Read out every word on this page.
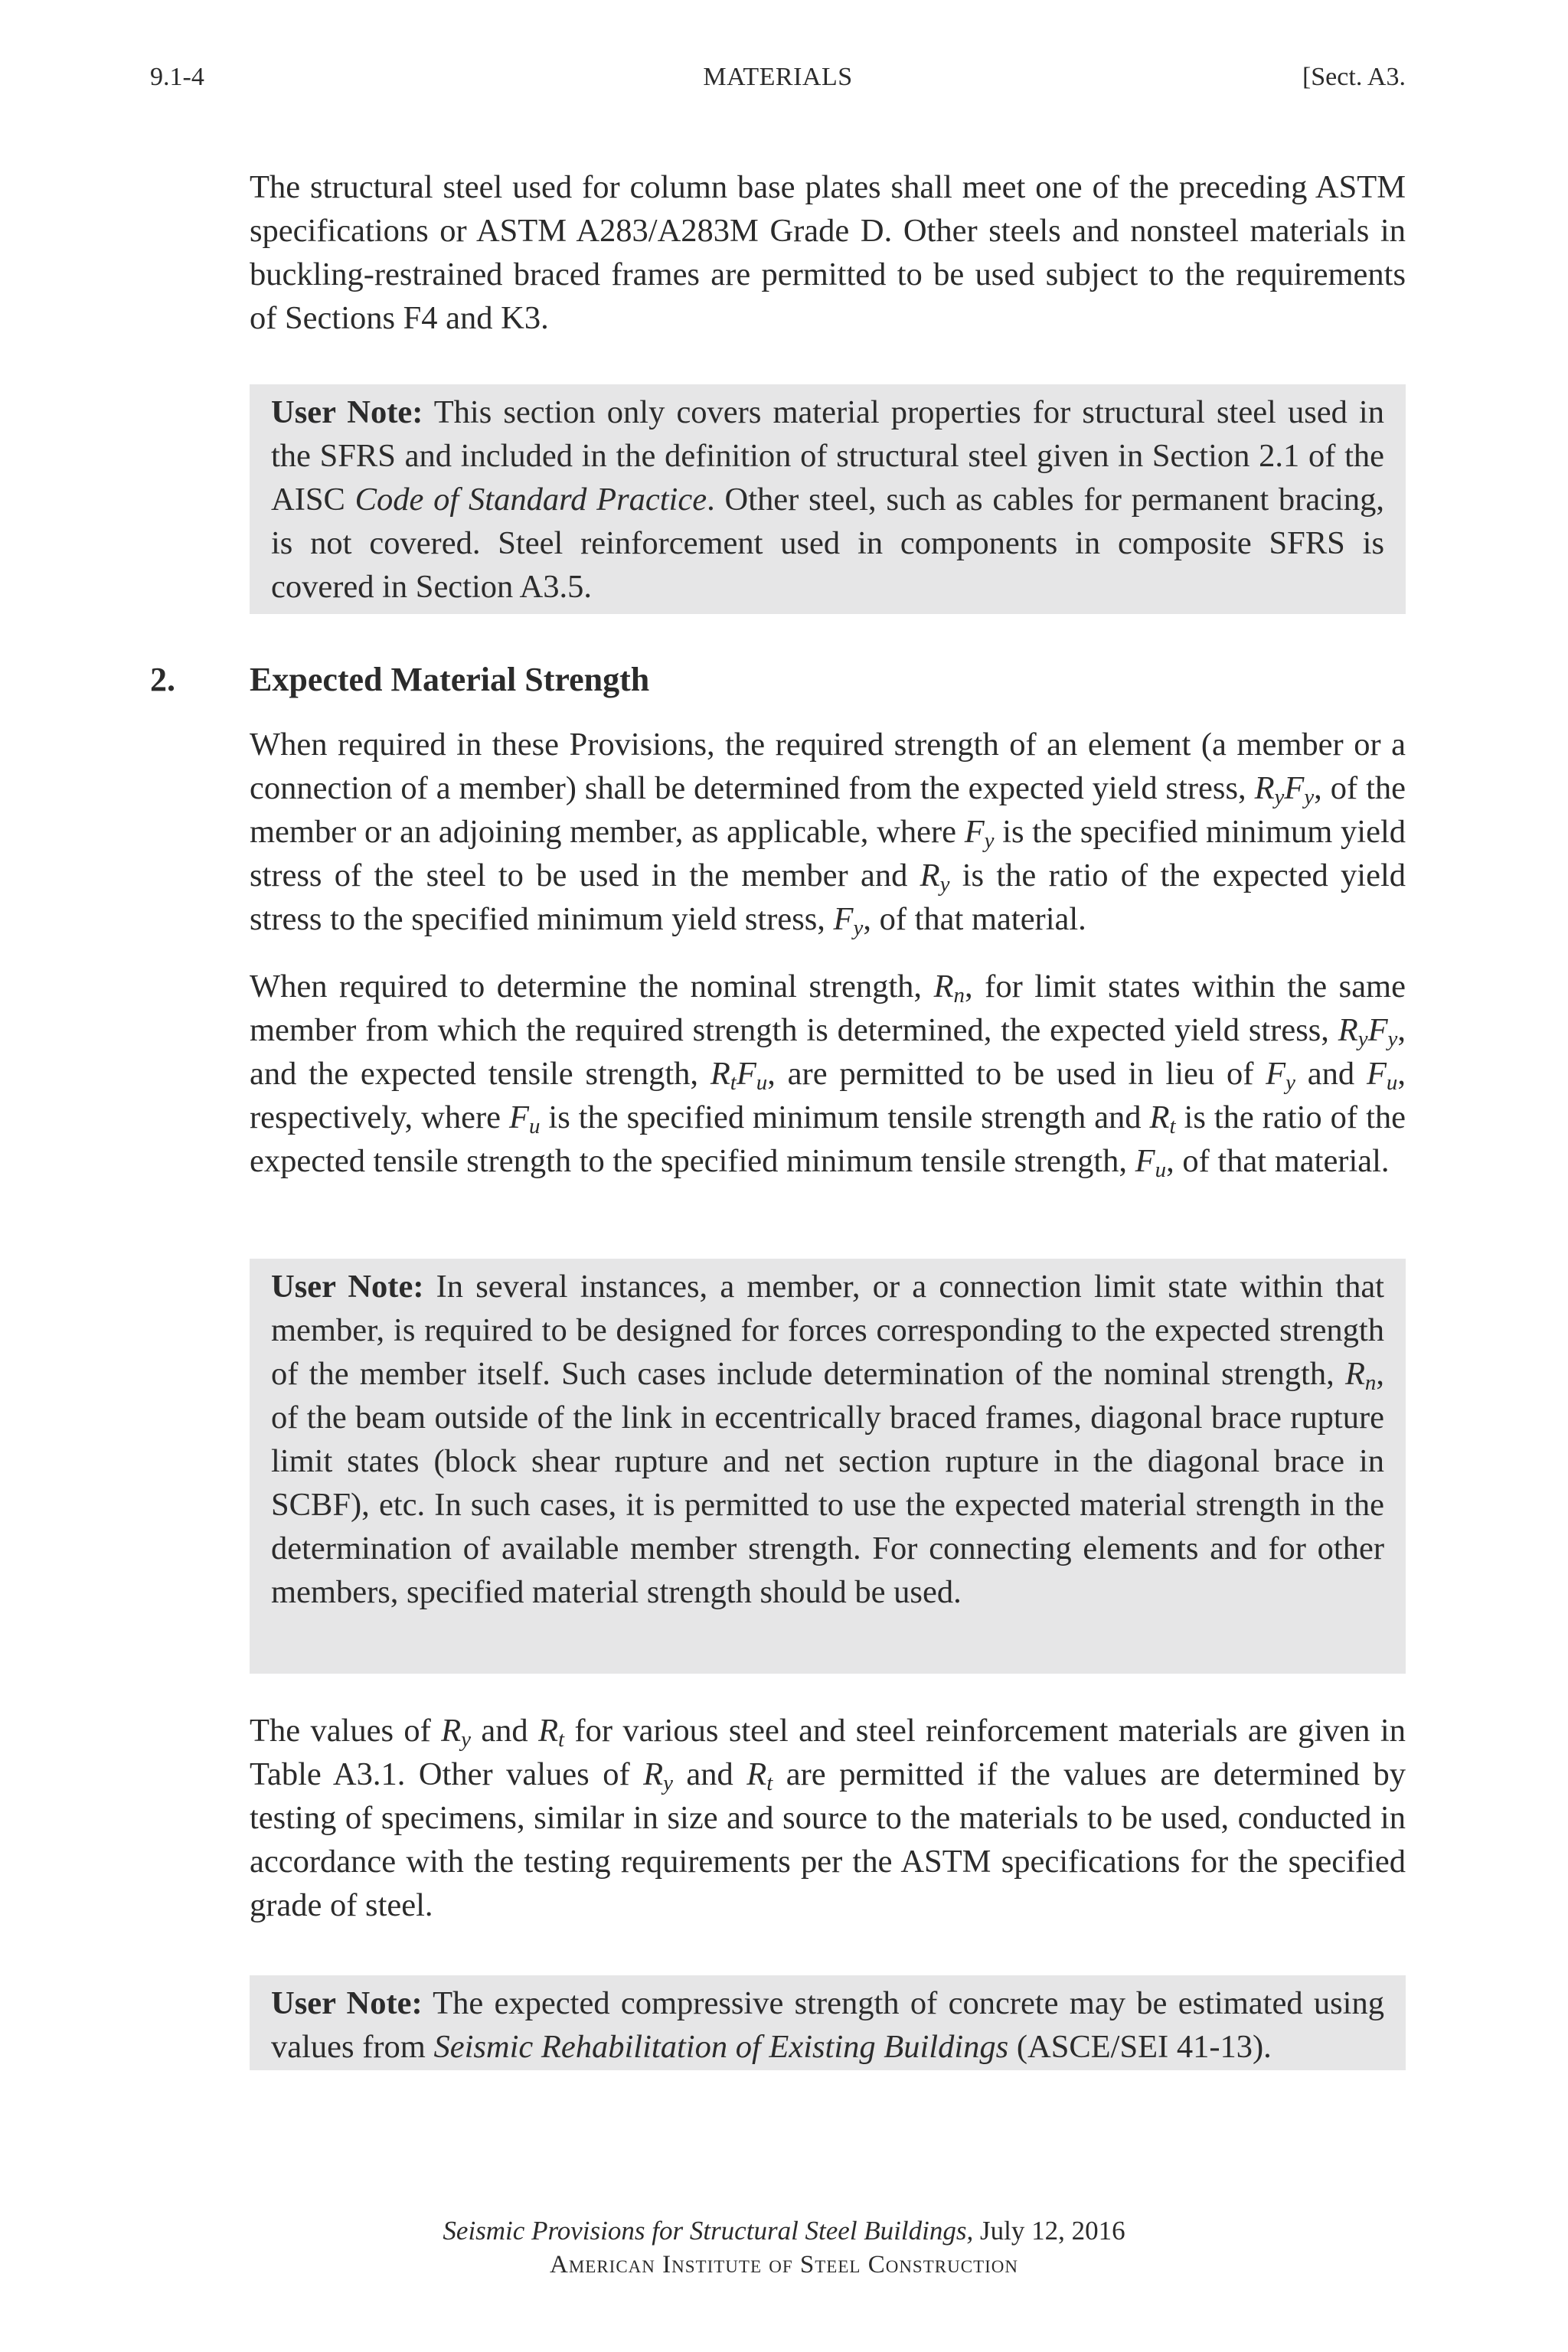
9.1-4	MATERIALS	[Sect. A3.

The structural steel used for column base plates shall meet one of the preceding ASTM specifications or ASTM A283/A283M Grade D. Other steels and nonsteel materials in buckling-restrained braced frames are permitted to be used subject to the requirements of Sections F4 and K3.

User Note: This section only covers material properties for structural steel used in the SFRS and included in the definition of structural steel given in Section 2.1 of the AISC Code of Standard Practice. Other steel, such as cables for permanent bracing, is not covered. Steel reinforcement used in components in composite SFRS is covered in Section A3.5.
2. Expected Material Strength

When required in these Provisions, the required strength of an element (a member or a connection of a member) shall be determined from the expected yield stress, $R_yF_y$, of the member or an adjoining member, as applicable, where $F_y$ is the specified minimum yield stress of the steel to be used in the member and $R_y$ is the ratio of the expected yield stress to the specified minimum yield stress, $F_y$, of that material.

When required to determine the nominal strength, $R_n$, for limit states within the same member from which the required strength is determined, the expected yield stress, $R_yF_y$, and the expected tensile strength, $R_tF_u$, are permitted to be used in lieu of $F_y$ and $F_u$, respectively, where $F_u$ is the specified minimum tensile strength and $R_t$ is the ratio of the expected tensile strength to the specified minimum tensile strength, $F_u$, of that material.

User Note: In several instances, a member, or a connection limit state within that member, is required to be designed for forces corresponding to the expected strength of the member itself. Such cases include determination of the nominal strength, $R_n$, of the beam outside of the link in eccentrically braced frames, diagonal brace rupture limit states (block shear rupture and net section rupture in the diagonal brace in SCBF), etc. In such cases, it is permitted to use the expected material strength in the determination of available member strength. For connecting elements and for other members, specified material strength should be used.

The values of $R_y$ and $R_t$ for various steel and steel reinforcement materials are given in Table A3.1. Other values of $R_y$ and $R_t$ are permitted if the values are determined by testing of specimens, similar in size and source to the materials to be used, conducted in accordance with the testing requirements per the ASTM specifications for the specified grade of steel.

User Note: The expected compressive strength of concrete may be estimated using values from Seismic Rehabilitation of Existing Buildings (ASCE/SEI 41-13).
Seismic Provisions for Structural Steel Buildings, July 12, 2016
American Institute of Steel Construction
